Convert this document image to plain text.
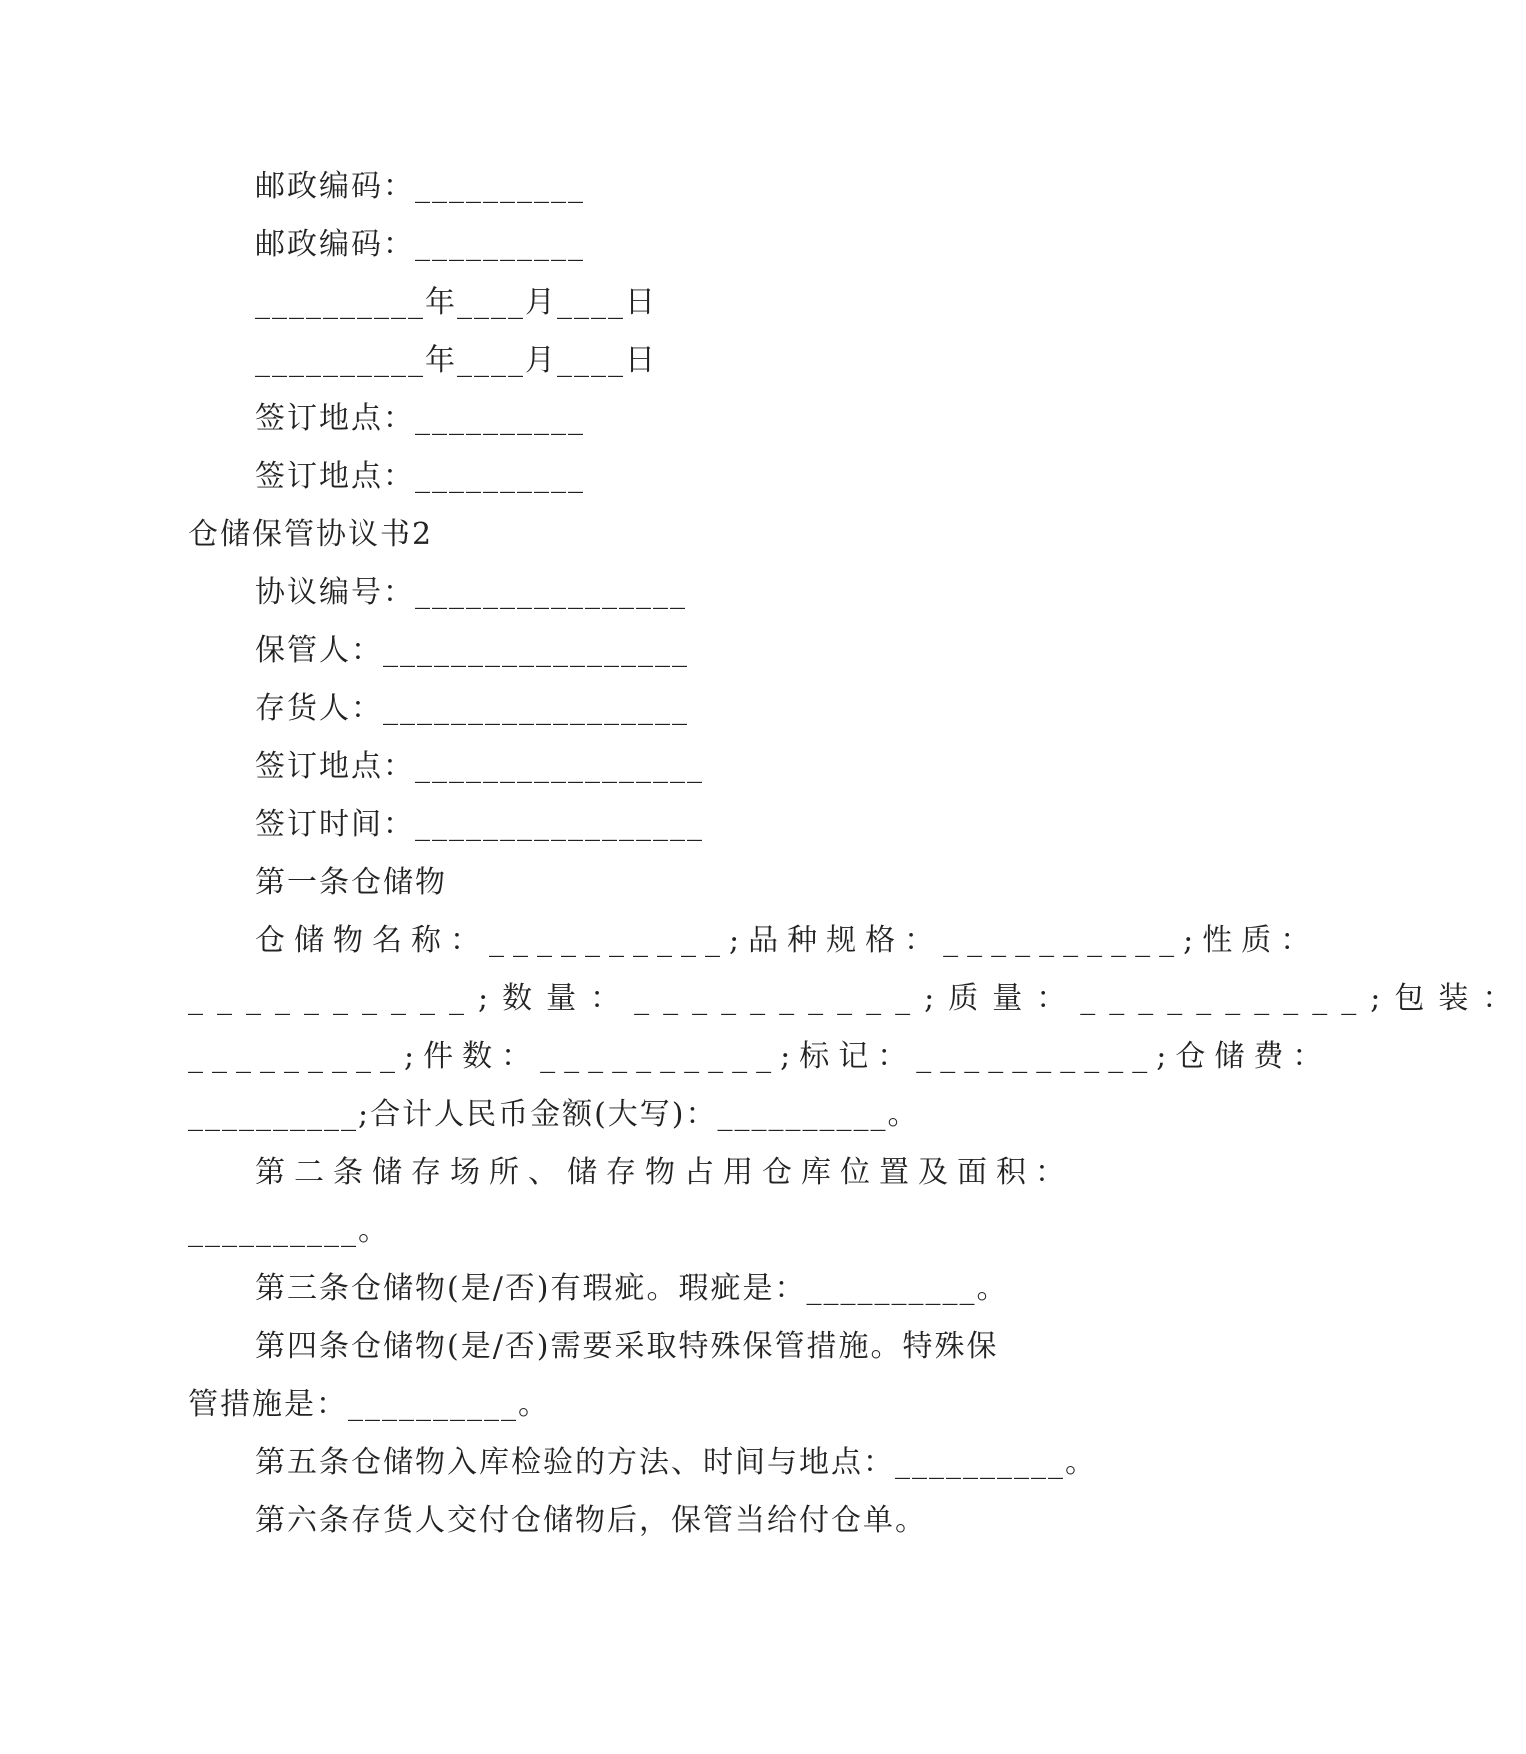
邮政编码：__________
邮政编码：__________
__________年____月____日
__________年____月____日
签订地点：__________
签订地点：__________
仓储保管协议书2
协议编号：________________
保管人：__________________
存货人：__________________
签订地点：_________________
签订时间：_________________
第一条仓储物
仓储物名称：__________;品种规格：__________;性质：
__________;数量：__________;质量：__________;包装：
_________;件数：__________;标记：__________;仓储费：
__________;合计人民币金额(大写)：__________。
第二条储存场所、储存物占用仓库位置及面积：
__________。
第三条仓储物(是/否)有瑕疵。瑕疵是：__________。
第四条仓储物(是/否)需要采取特殊保管措施。特殊保
管措施是：__________。
第五条仓储物入库检验的方法、时间与地点：__________。
第六条存货人交付仓储物后，保管当给付仓单。
